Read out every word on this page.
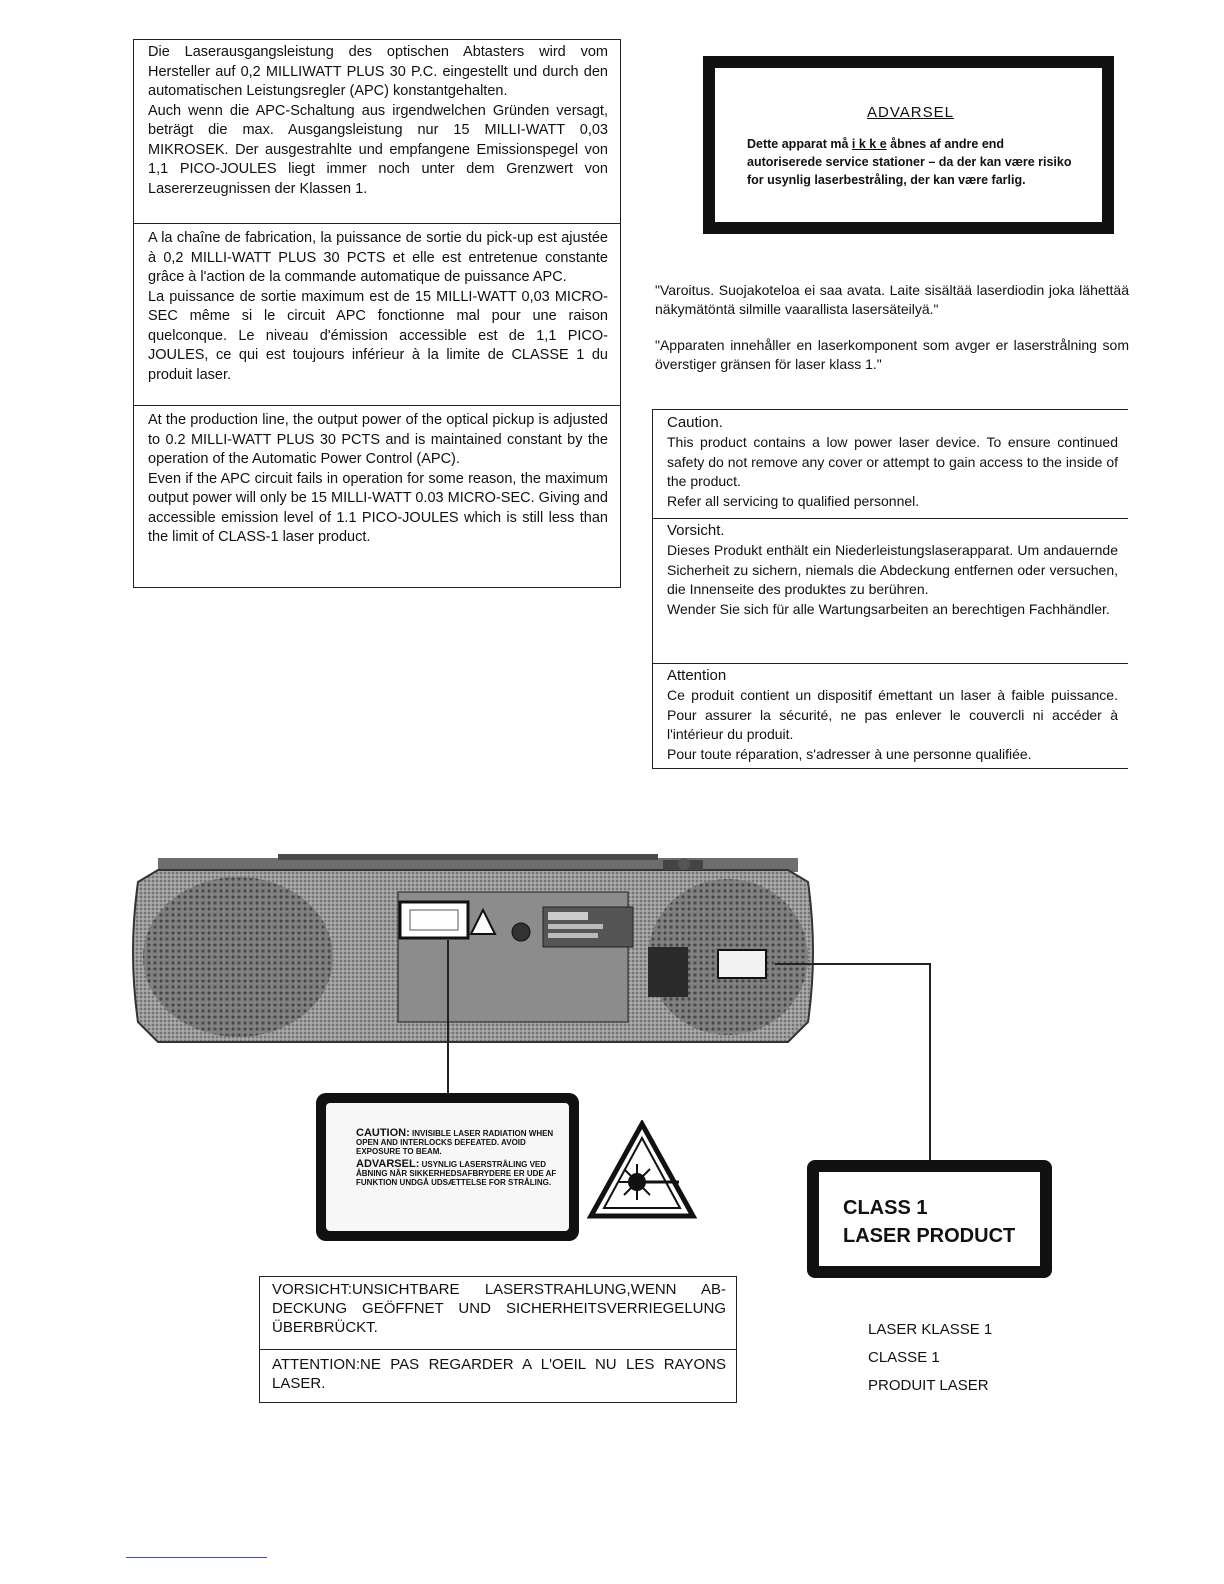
Die Laserausgangsleistung des optischen Abtasters wird vom Hersteller auf 0,2 MILLIWATT PLUS 30 P.C. eingestellt und durch den automatischen Leistungsregler (APC) konstantgehalten.
Auch wenn die APC-Schaltung aus irgendwelchen Gründen versagt, beträgt die max. Ausgangsleistung nur 15 MILLI-WATT 0,03 MIKROSEK. Der ausgestrahlte und empfangene Emissionspegel von 1,1 PICO-JOULES liegt immer noch unter dem Grenzwert von Lasererzeugnissen der Klassen 1.
A la chaîne de fabrication, la puissance de sortie du pick-up est ajustée à 0,2 MILLI-WATT PLUS 30 PCTS et elle est entretenue constante grâce à l'action de la commande automatique de puissance APC.
La puissance de sortie maximum est de 15 MILLI-WATT 0,03 MICRO-SEC même si le circuit APC fonctionne mal pour une raison quelconque. Le niveau d'émission accessible est de 1,1 PICO-JOULES, ce qui est toujours inférieur à la limite de CLASSE 1 du produit laser.
At the production line, the output power of the optical pickup is adjusted to 0.2 MILLI-WATT PLUS 30 PCTS and is maintained constant by the operation of the Automatic Power Control (APC).
Even if the APC circuit fails in operation for some reason, the maximum output power will only be 15 MILLI-WATT 0.03 MICRO-SEC. Giving and accessible emission level of 1.1 PICO-JOULES which is still less than the limit of CLASS-1 laser product.
ADVARSEL
Dette apparat må i k k e åbnes af andre end autoriserede service stationer – da der kan være risiko for usynlig laserbestråling, der kan være farlig.
"Varoitus. Suojakoteloa ei saa avata. Laite sisältää laserdiodin joka lähettää näkymätöntä silmille vaarallista lasersäteilyä."
"Apparaten innehåller en laserkomponent som avger er laserstrålning som överstiger gränsen för laser klass 1."
Caution.
This product contains a low power laser device. To ensure continued safety do not remove any cover or attempt to gain access to the inside of the product.
Refer all servicing to qualified personnel.
Vorsicht.
Dieses Produkt enthält ein Niederleistungslaserapparat. Um andauernde Sicherheit zu sichern, niemals die Abdeckung entfernen oder versuchen, die Innenseite des produktes zu berühren.
Wender Sie sich für alle Wartungsarbeiten an berechtigen Fachhändler.
Attention
Ce produit contient un dispositif émettant un laser à faible puissance. Pour assurer la sécurité, ne pas enlever le couvercli ni accéder à l'intérieur du produit.
Pour toute réparation, s'adresser à une personne qualifiée.
CAUTION: INVISIBLE LASER RADIATION WHEN OPEN AND INTERLOCKS DEFEATED. AVOID EXPOSURE TO BEAM.
ADVARSEL: USYNLIG LASERSTRÅLING VED ÅBNING NÅR SIKKERHEDSAFBRYDERE ER UDE AF FUNKTION UNDGÅ UDSÆTTELSE FOR STRÅLING.
CLASS 1
LASER PRODUCT
VORSICHT:UNSICHTBARE LASERSTRAHLUNG,WENN AB-DECKUNG GEÖFFNET UND SICHERHEITSVERRIEGELUNG ÜBERBRÜCKT.
ATTENTION:NE PAS REGARDER A L'OEIL NU LES RAYONS LASER.
LASER KLASSE 1
CLASSE 1
PRODUIT LASER
